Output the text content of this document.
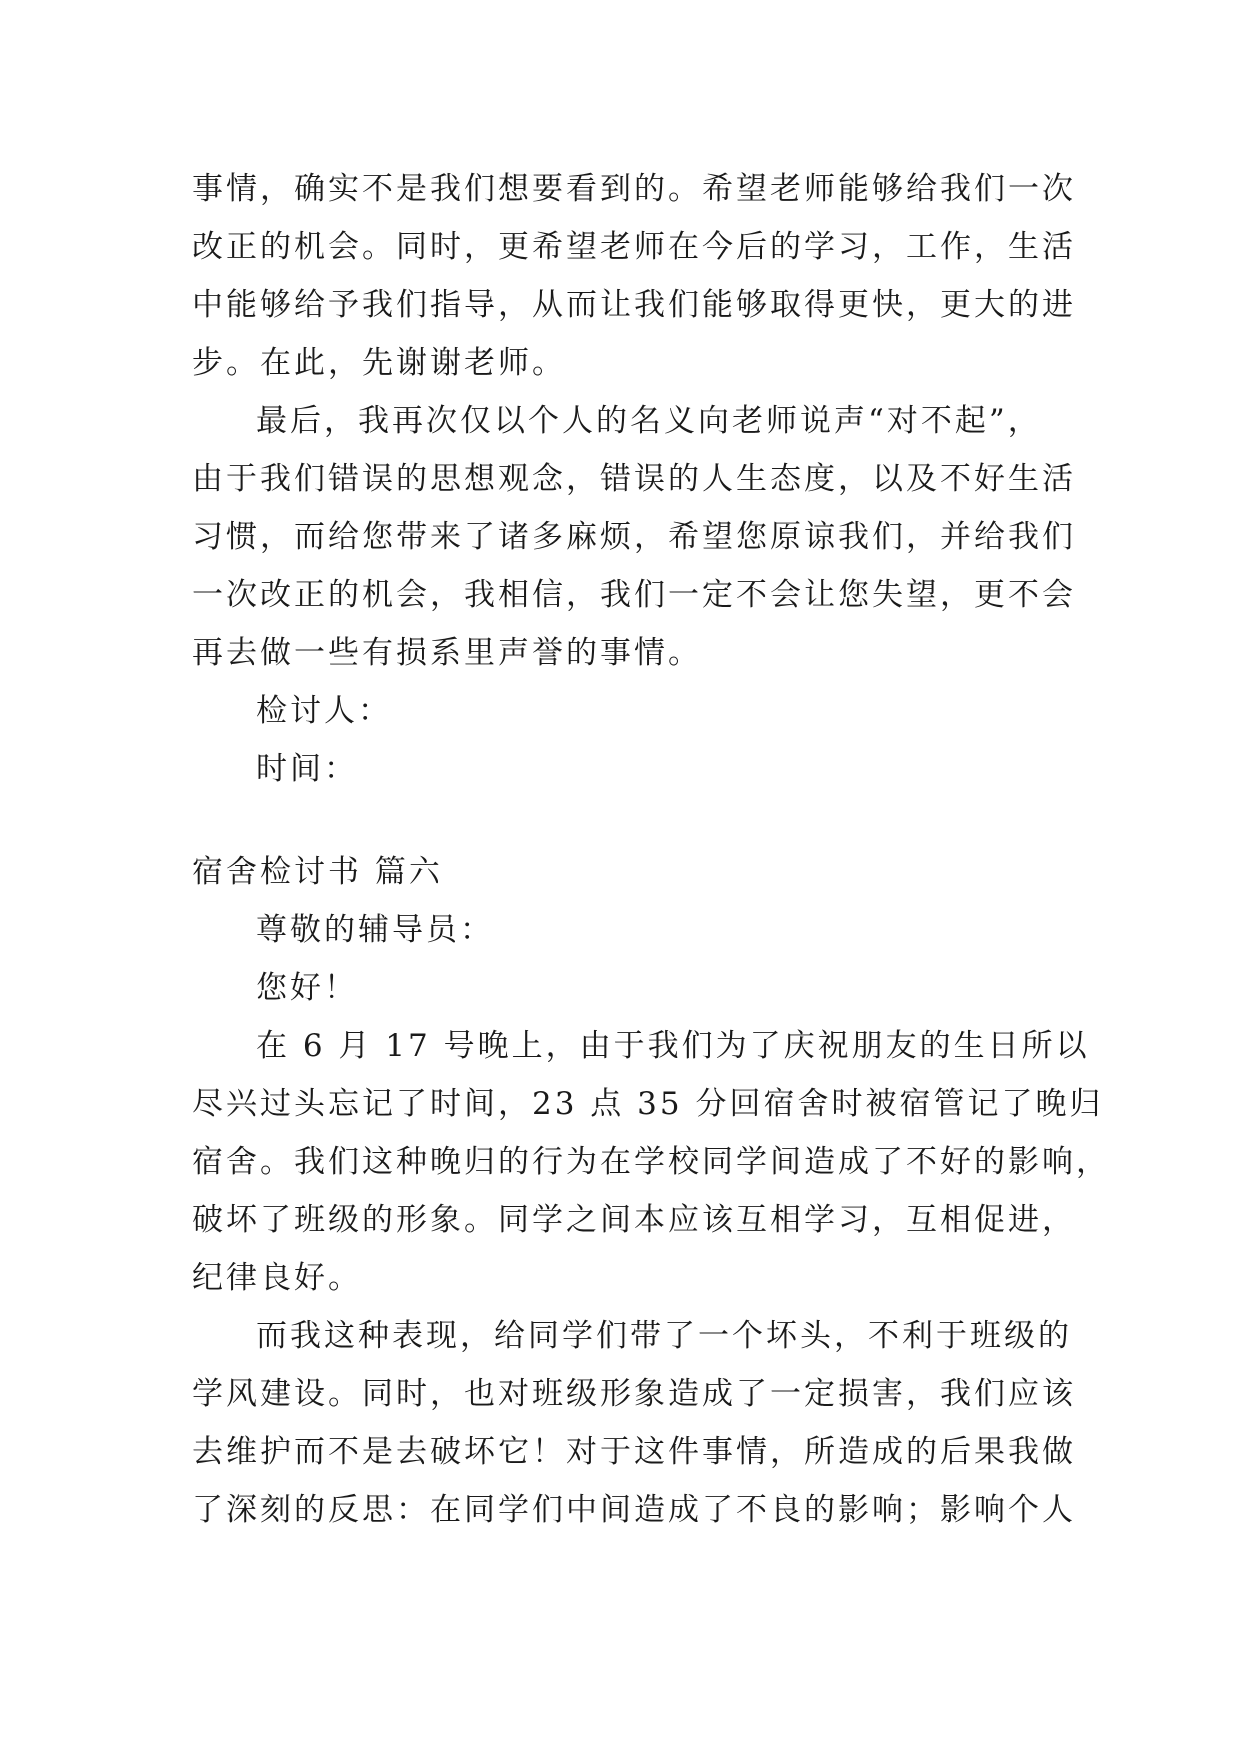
事情，确实不是我们想要看到的。希望老师能够给我们一次
改正的机会。同时，更希望老师在今后的学习，工作，生活
中能够给予我们指导，从而让我们能够取得更快，更大的进
步。在此，先谢谢老师。
最后，我再次仅以个人的名义向老师说声“对不起”，
由于我们错误的思想观念，错误的人生态度，以及不好生活
习惯，而给您带来了诸多麻烦，希望您原谅我们，并给我们
一次改正的机会，我相信，我们一定不会让您失望，更不会
再去做一些有损系里声誉的事情。
检讨人：
时间：
宿舍检讨书 篇六
尊敬的辅导员：
您好！
在 6 月 17 号晚上，由于我们为了庆祝朋友的生日所以
尽兴过头忘记了时间，23 点 35 分回宿舍时被宿管记了晚归
宿舍。我们这种晚归的行为在学校同学间造成了不好的影响，
破坏了班级的形象。同学之间本应该互相学习，互相促进，
纪律良好。
而我这种表现，给同学们带了一个坏头，不利于班级的
学风建设。同时，也对班级形象造成了一定损害，我们应该
去维护而不是去破坏它！对于这件事情，所造成的后果我做
了深刻的反思：在同学们中间造成了不良的影响；影响个人
